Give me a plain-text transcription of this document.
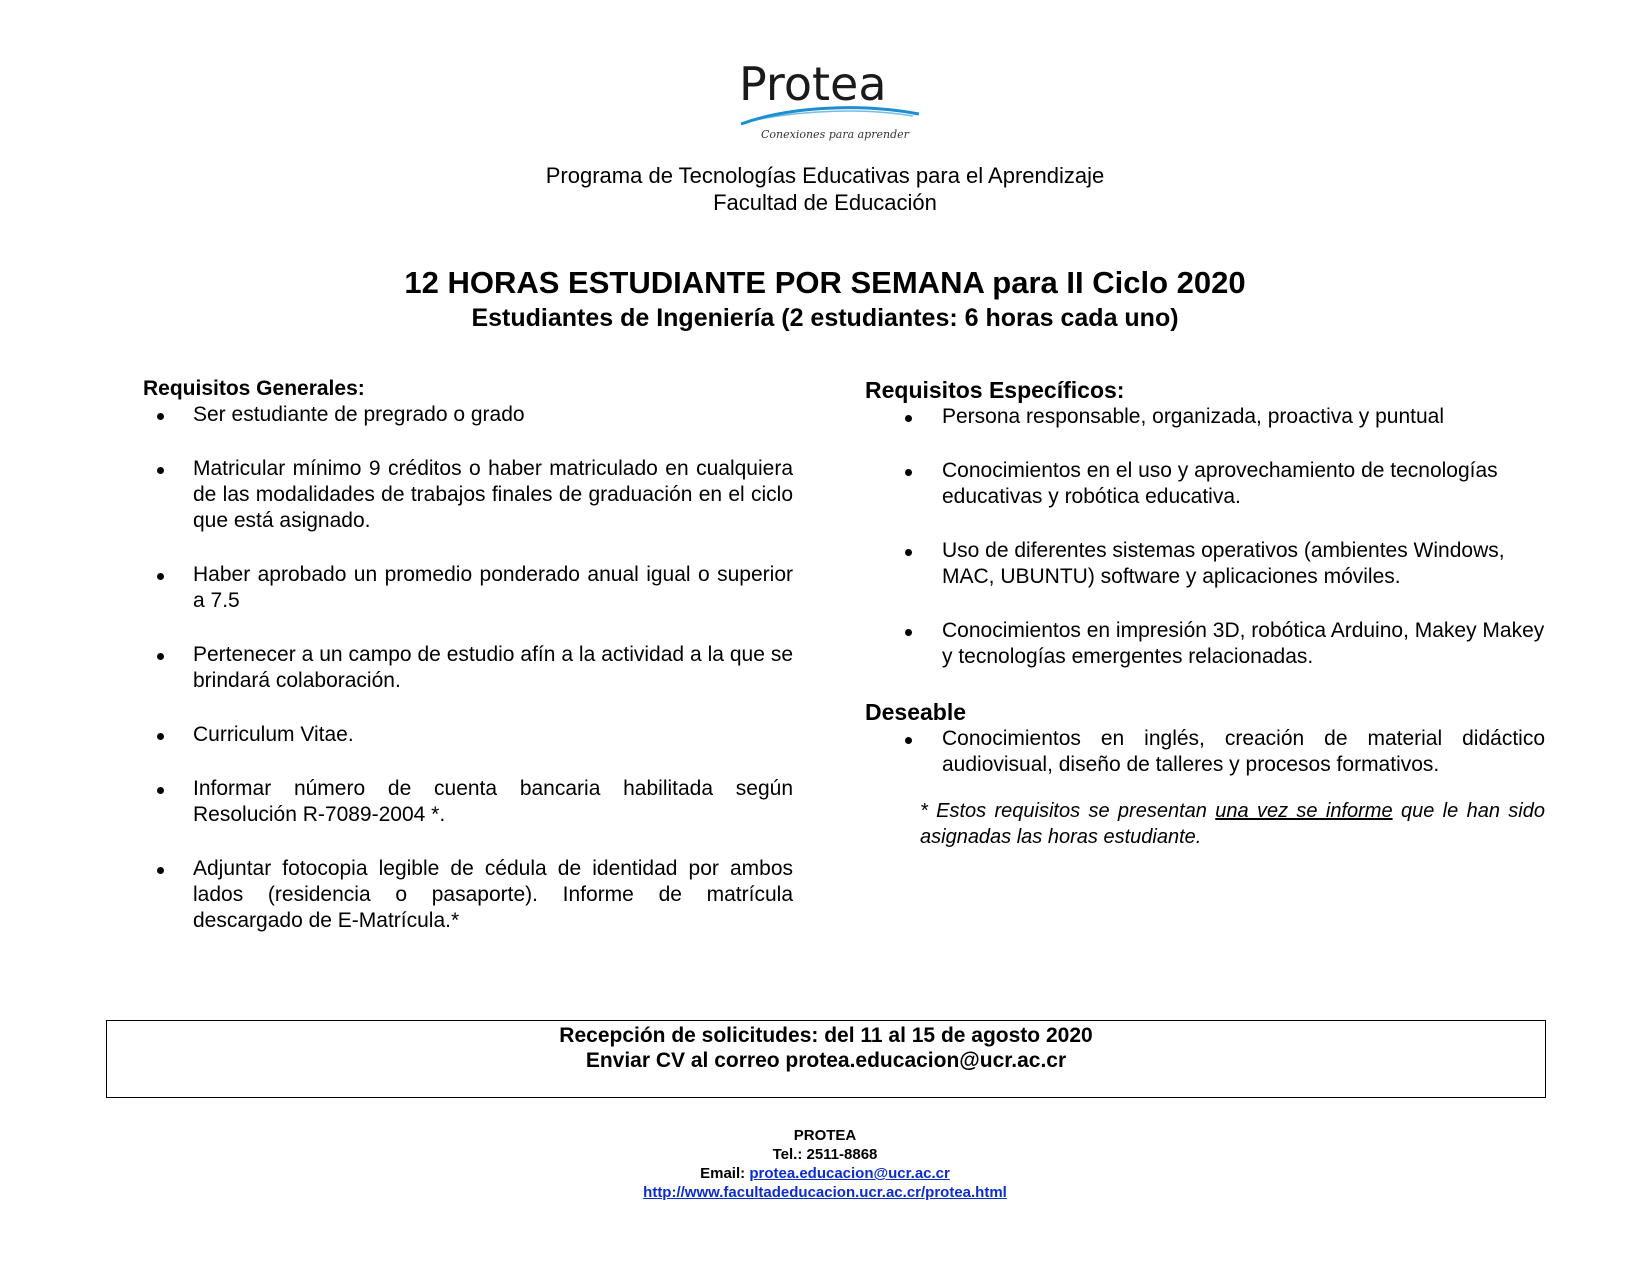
Protea
Conexiones para aprender
Programa de Tecnologías Educativas para el Aprendizaje
Facultad de Educación
12 HORAS ESTUDIANTE POR SEMANA para II Ciclo 2020
Estudiantes de Ingeniería (2 estudiantes: 6 horas cada uno)
Requisitos Generales:
Ser estudiante de pregrado o grado
Matricular mínimo 9 créditos o haber matriculado en cualquiera de las modalidades de trabajos finales de graduación en el ciclo que está asignado.
Haber aprobado un promedio ponderado anual igual o superior a 7.5
Pertenecer a un campo de estudio afín a la actividad a la que se brindará colaboración.
Curriculum Vitae.
Informar número de cuenta bancaria habilitada según Resolución R-7089-2004 *.
Adjuntar fotocopia legible de cédula de identidad por ambos lados (residencia o pasaporte). Informe de matrícula descargado de E-Matrícula.*
Requisitos Específicos:
Persona responsable, organizada, proactiva y puntual
Conocimientos en el uso y aprovechamiento de tecnologías educativas y robótica educativa.
Uso de diferentes sistemas operativos (ambientes Windows, MAC, UBUNTU) software y aplicaciones móviles.
Conocimientos en impresión 3D, robótica Arduino, Makey Makey y tecnologías emergentes relacionadas.
Deseable
Conocimientos en inglés, creación de material didáctico audiovisual, diseño de talleres y procesos formativos.
* Estos requisitos se presentan una vez se informe que le han sido asignadas las horas estudiante.
Recepción de solicitudes: del 11 al 15 de agosto 2020
Enviar CV al correo protea.educacion@ucr.ac.cr
PROTEA
Tel.: 2511-8868
Email: protea.educacion@ucr.ac.cr
http://www.facultadeducacion.ucr.ac.cr/protea.html
